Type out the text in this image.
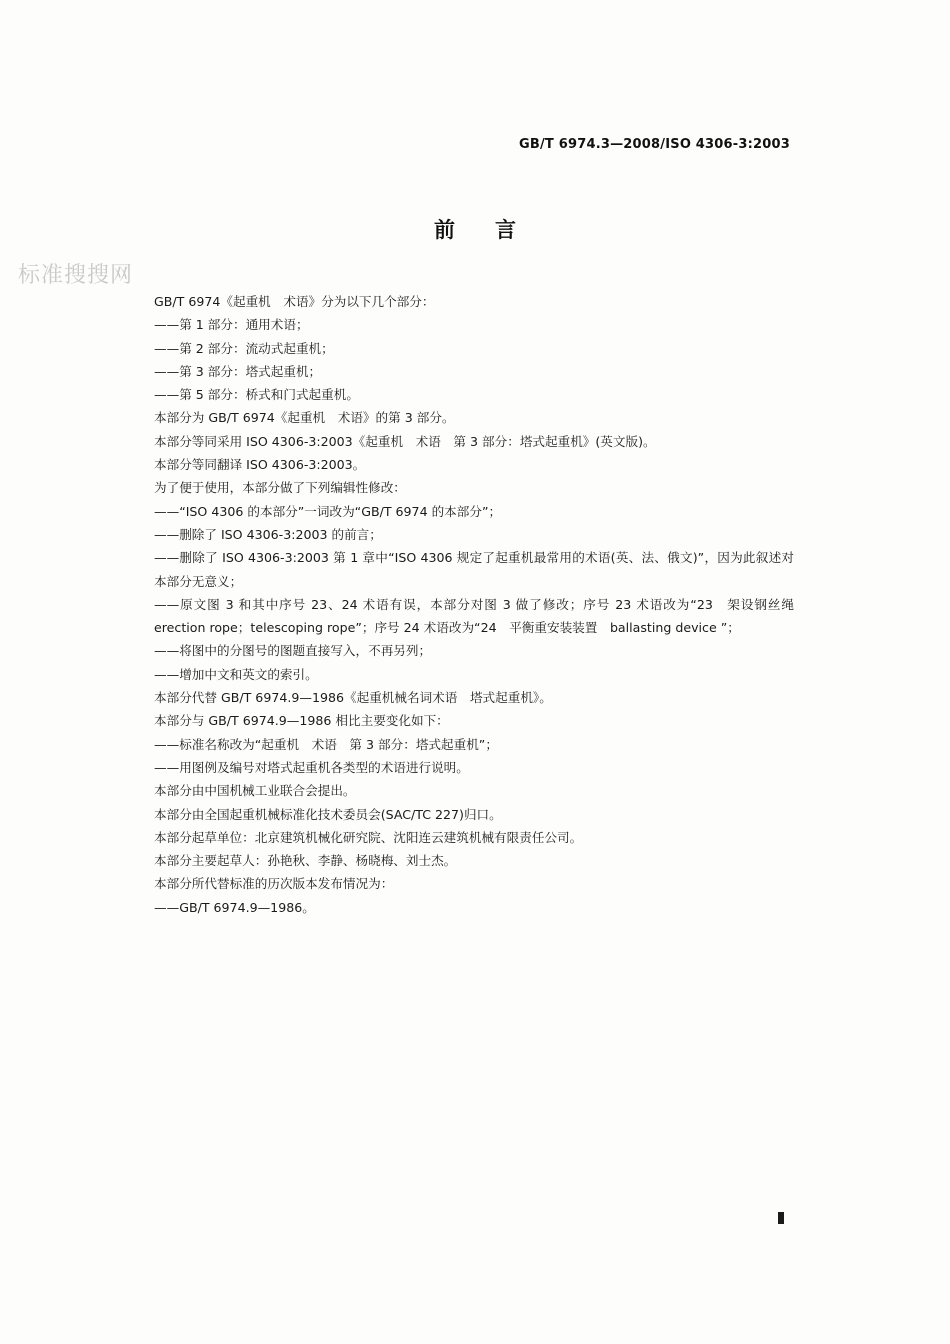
GB/T 6974.3—2008/ISO 4306-3:2003
标准搜搜网
前言

GB/T 6974《起重机　术语》分为以下几个部分：

——第 1 部分：通用术语；

——第 2 部分：流动式起重机；

——第 3 部分：塔式起重机；

——第 5 部分：桥式和门式起重机。

本部分为 GB/T 6974《起重机　术语》的第 3 部分。

本部分等同采用 ISO 4306-3:2003《起重机　术语　第 3 部分：塔式起重机》(英文版)。

本部分等同翻译 ISO 4306-3:2003。

为了便于使用，本部分做了下列编辑性修改：

——“ISO 4306 的本部分”一词改为“GB/T 6974 的本部分”；

——删除了 ISO 4306-3:2003 的前言；

——删除了 ISO 4306-3:2003 第 1 章中“ISO 4306 规定了起重机最常用的术语(英、法、俄文)”，因为此叙述对本部分无意义；

——原文图 3 和其中序号 23、24 术语有误，本部分对图 3 做了修改；序号 23 术语改为“23　架设钢丝绳 erection rope；telescoping rope”；序号 24 术语改为“24　平衡重安装装置　ballasting device ”；

——将图中的分图号的图题直接写入，不再另列；

——增加中文和英文的索引。

本部分代替 GB/T 6974.9—1986《起重机械名词术语　塔式起重机》。

本部分与 GB/T 6974.9—1986 相比主要变化如下：

——标准名称改为“起重机　术语　第 3 部分：塔式起重机”；

——用图例及编号对塔式起重机各类型的术语进行说明。

本部分由中国机械工业联合会提出。

本部分由全国起重机械标准化技术委员会(SAC/TC 227)归口。

本部分起草单位：北京建筑机械化研究院、沈阳连云建筑机械有限责任公司。

本部分主要起草人：孙艳秋、李静、杨晓梅、刘士杰。

本部分所代替标准的历次版本发布情况为：

——GB/T 6974.9—1986。
